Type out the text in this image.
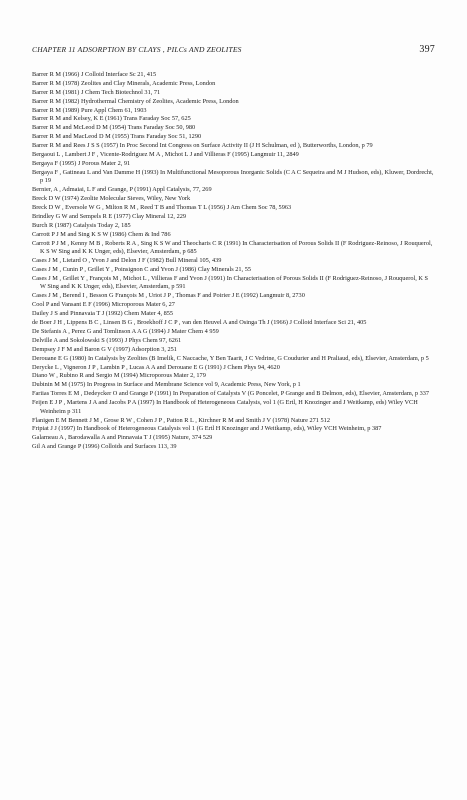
CHAPTER 11 ADSORPTION BY CLAYS , PILCs AND ZEOLITES	397
Barrer R M (1966) J Colloid Interface Sc 21, 415
Barrer R M (1978) Zeolites and Clay Minerals, Academic Press, London
Barrer R M (1981) J Chem Tech Biotechnol 31, 71
Barrer R M (1982) Hydrothermal Chemistry of Zeolites, Academic Press, London
Barrer R M (1989) Pure Appl Chem 61, 1903
Barrer R M and Kelsey, K E (1961) Trans Faraday Soc 57, 625
Barrer R M and McLeod D M (1954) Trans Faraday Soc 50, 980
Barrer R M and MacLeod D M (1955) Trans Faraday Soc 51, 1290
Barrer R M and Rees J S S (1957) In Proc Second Int Congress on Surface Activity II (J H Schulman, ed ), Butterworths, London, p 79
Bergaoui L , Lambert J F , Vicente-Rodriguez M A , Michot L J and Villieras F (1995) Langmuir 11, 2849
Bergaya F (1995) J Porous Mater 2, 91
Bergaya F , Gatineau L and Van Damme H (1993) In Multifunctional Mesoporous Inorganic Solids (C A C Sequeira and M J Hudson, eds), Kluwer, Dordrecht, p 19
Bernier, A , Admaiai, L F and Grange, P (1991) Appl Catalysis, 77, 269
Breck D W (1974) Zeolite Molecular Sieves, Wiley, New York
Breck D W , Eversole W G , Milton R M , Reed T B and Thomas T L (1956) J Am Chem Soc 78, 5963
Brindley G W and Sempels R E (1977) Clay Mineral 12, 229
Burch R (1987) Catalysis Today 2, 185
Carrott P J M and Sing K S W (1986) Chem & Ind 786
Carrott P J M , Kenny M B , Roberts R A , Sing K S W and Theocharis C R (1991) In Characterisation of Porous Solids II (F Rodriguez-Reinoso, J Rouquerol, K S W Sing and K K Unger, eds), Elsevier, Amsterdam, p 685
Cases J M , Lietard O , Yvon J and Delon J F (1982) Bull Mineral 105, 439
Cases J M , Cunin P , Grillet Y , Poinsignon C and Yvon J (1986) Clay Minerals 21, 55
Cases J M , Grillet Y , François M , Michot L , Villieras F and Yvon J (1991) In Characterisation of Porous Solids II (F Rodriguez-Reinoso, J Rouquerol, K S W Sing and K K Unger, eds), Elsevier, Amsterdam, p 591
Cases J M , Berend I , Besson G François M , Uriot J P , Thomas F and Poirier J E (1992) Langmuir 8, 2730
Cool P and Vansant E F (1996) Microporous Mater 6, 27
Dailey J S and Pinnavaia T J (1992) Chem Mater 4, 855
de Boer J H , Lippens B C , Linsen B G , Broekhoff J C P , van den Heuvel A and Osinga Th J (1966) J Colloid Interface Sci 21, 405
De Stefanis A , Perez G and Tomlinson A A G (1994) J Mater Chem 4 959
Delville A and Sokolowski S (1993) J Phys Chem 97, 6261
Dempsey J F M and Baron G V (1997) Adsorption 3, 251
Derouane E G (1980) In Catalysis by Zeolites (B Imelik, C Naccache, Y Ben Taarit, J C Vedrine, G Coudurier and H Praliaud, eds), Elsevier, Amsterdam, p 5
Derycke L , Vigneron J P , Lambin P , Lucas A A and Derouane E G (1991) J Chem Phys 94, 4620
Diano W , Rubino R and Sergio M (1994) Microporous Mater 2, 179
Dubinin M M (1975) In Progress in Surface and Membrane Science vol 9, Academic Press, New York, p 1
Fariias Torres E M , Dedeycker O and Grange P (1991) In Preparation of Catalysts V (G Poncelet, P Grange and B Delmon, eds), Elsevier, Amsterdam, p 337
Feijen E J P , Martens J A and Jacobs P A (1997) In Handbook of Heterogeneous Catalysis, vol 1 (G Ertl, H Knozinger and J Weitkamp, eds) Wiley VCH Weinheim p 311
Flanigen E M Bennett J M , Grose R W , Cohen J P , Patton R L , Kirchner R M and Smith J V (1978) Nature 271 512
Fripiat J J (1997) In Handbook of Heterogeneous Catalysis vol 1 (G Ertl H Knozinger and J Weitkamp, eds), Wiley VCH Weinheim, p 387
Galarneau A , Barodawalla A and Pinnavaia T J (1995) Nature, 374 529
Gil A and Grange P (1996) Colloids and Surfaces 113, 39
